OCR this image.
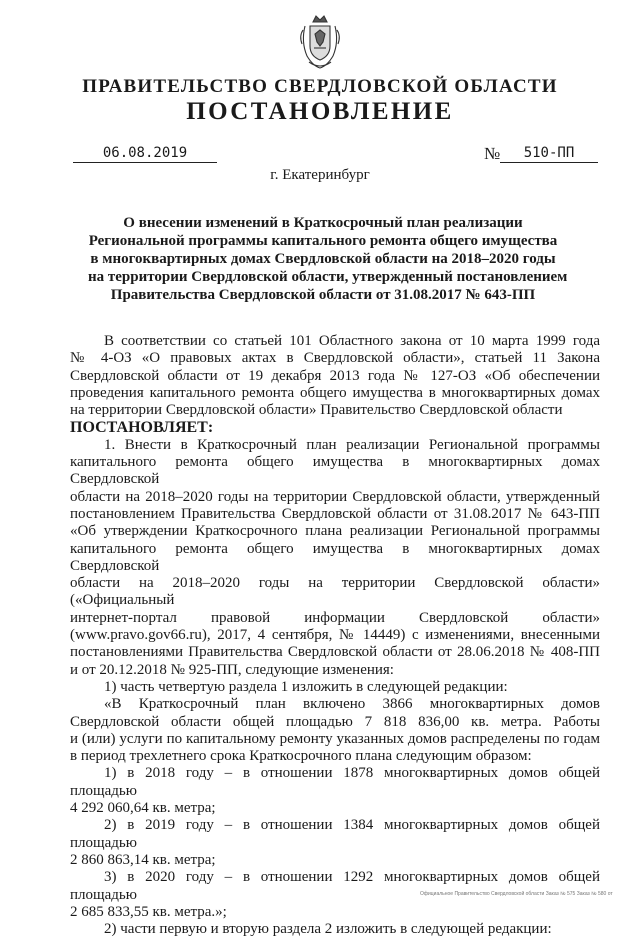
ПРАВИТЕЛЬСТВО СВЕРДЛОВСКОЙ ОБЛАСТИ
ПОСТАНОВЛЕНИЕ
06.08.2019	№	510-ПП
г. Екатеринбург
О внесении изменений в Краткосрочный план реализации
Региональной программы капитального ремонта общего имущества
в многоквартирных домах Свердловской области на 2018–2020 годы
на территории Свердловской области, утвержденный постановлением
Правительства Свердловской области от 31.08.2017 № 643-ПП

В соответствии со статьей 101 Областного закона от 10 марта 1999 года

№ 4-ОЗ «О правовых актах в Свердловской области», статьей 11 Закона

Свердловской области от 19 декабря 2013 года № 127-ОЗ «Об обеспечении

проведения капитального ремонта общего имущества в многоквартирных домах

на территории Свердловской области» Правительство Свердловской области

ПОСТАНОВЛЯЕТ:

1. Внести в Краткосрочный план реализации Региональной программы

капитального ремонта общего имущества в многоквартирных домах Свердловской

области на 2018–2020 годы на территории Свердловской области, утвержденный

постановлением Правительства Свердловской области от 31.08.2017 № 643-ПП

«Об утверждении Краткосрочного плана реализации Региональной программы

капитального ремонта общего имущества в многоквартирных домах Свердловской

области на 2018–2020 годы на территории Свердловской области» («Официальный

интернет-портал правовой информации Свердловской области»

(www.pravo.gov66.ru), 2017, 4 сентября, № 14449) с изменениями, внесенными

постановлениями Правительства Свердловской области от 28.06.2018 № 408-ПП

и от 20.12.2018 № 925-ПП, следующие изменения:

1) часть четвертую раздела 1 изложить в следующей редакции:

«В Краткосрочный план включено 3866 многоквартирных домов

Свердловской области общей площадью 7 818 836,00 кв. метра. Работы

и (или) услуги по капитальному ремонту указанных домов распределены по годам

в период трехлетнего срока Краткосрочного плана следующим образом:

1) в 2018 году – в отношении 1878 многоквартирных домов общей площадью

4 292 060,64 кв. метра;

2) в 2019 году – в отношении 1384 многоквартирных домов общей площадью

2 860 863,14 кв. метра;

3) в 2020 году – в отношении 1292 многоквартирных домов общей площадью

2 685 833,55 кв. метра.»;

2) части первую и вторую раздела 2 изложить в следующей редакции:

Официальное Правительство Свердловской области Заказ № 575 Заказ № 580 от
